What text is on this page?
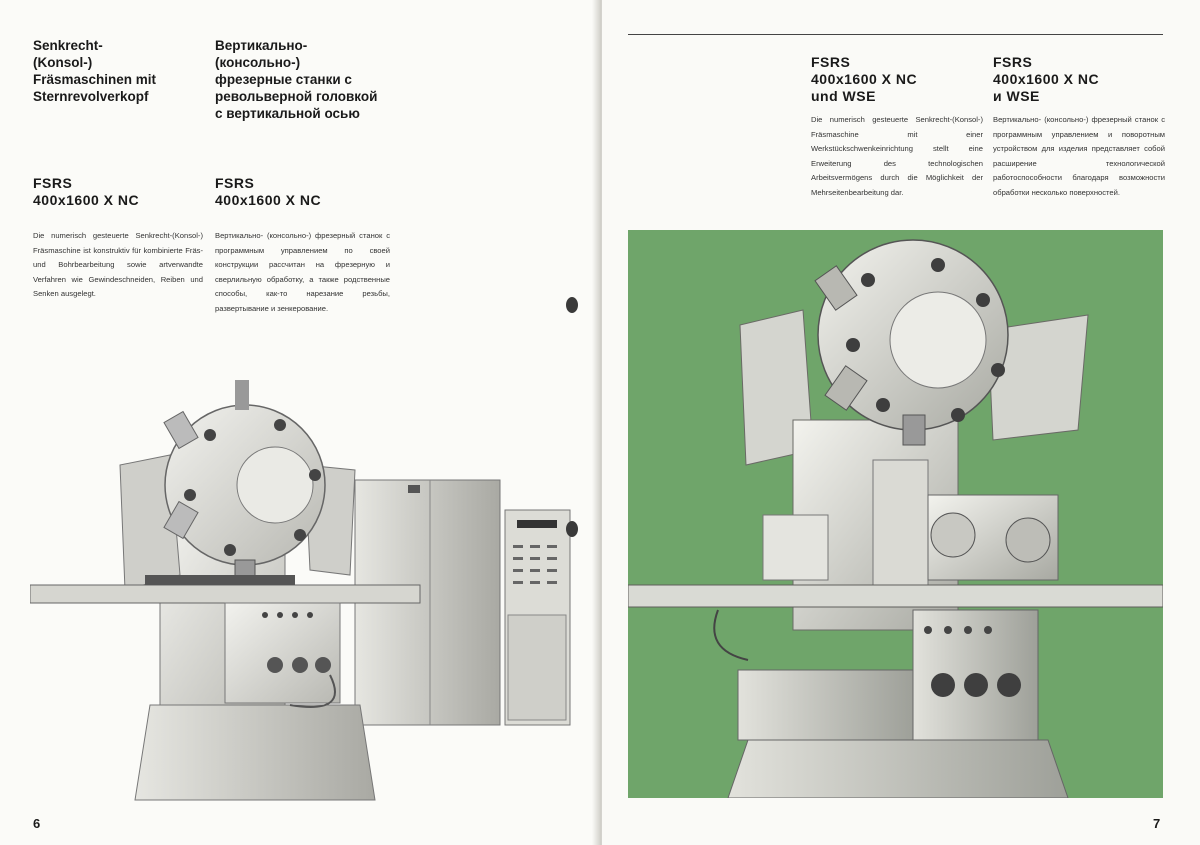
Senkrecht-
(Konsol-)
Fräsmaschinen mit
Sternrevolverkopf
Вертикально-
(консольно-)
фрезерные станки с
револьверной головкой
с вертикальной осью
FSRS
400x1600 X NC
FSRS
400x1600 X NC

Die numerisch gesteuerte Senkrecht-(Konsol-) Fräsmaschine ist konstruktiv für kombinierte Fräs- und Bohrbearbeitung sowie artverwandte Verfahren wie Gewindeschneiden, Reiben und Senken ausgelegt.

Вертикально- (консольно-) фрезерный станок с программным управлением по своей конструкции рассчитан на фрезерную и сверлильную обработку, а также родственные способы, как-то нарезание резьбы, развертывание и зенкерование.

6

FSRS
400x1600 X NC
und WSE
FSRS
400x1600 X NC
и WSE

Die numerisch gesteuerte Senkrecht-(Konsol-) Fräsmaschine mit einer Werkstückschwenkeinrichtung stellt eine Erweiterung des technologischen Arbeitsvermögens durch die Möglichkeit der Mehrseitenbearbeitung dar.

Вертикально- (консольно-) фрезерный станок с программным управлением и поворотным устройством для изделия представляет собой расширение технологической работоспособности благодаря возможности обработки несколько поверхностей.

7
